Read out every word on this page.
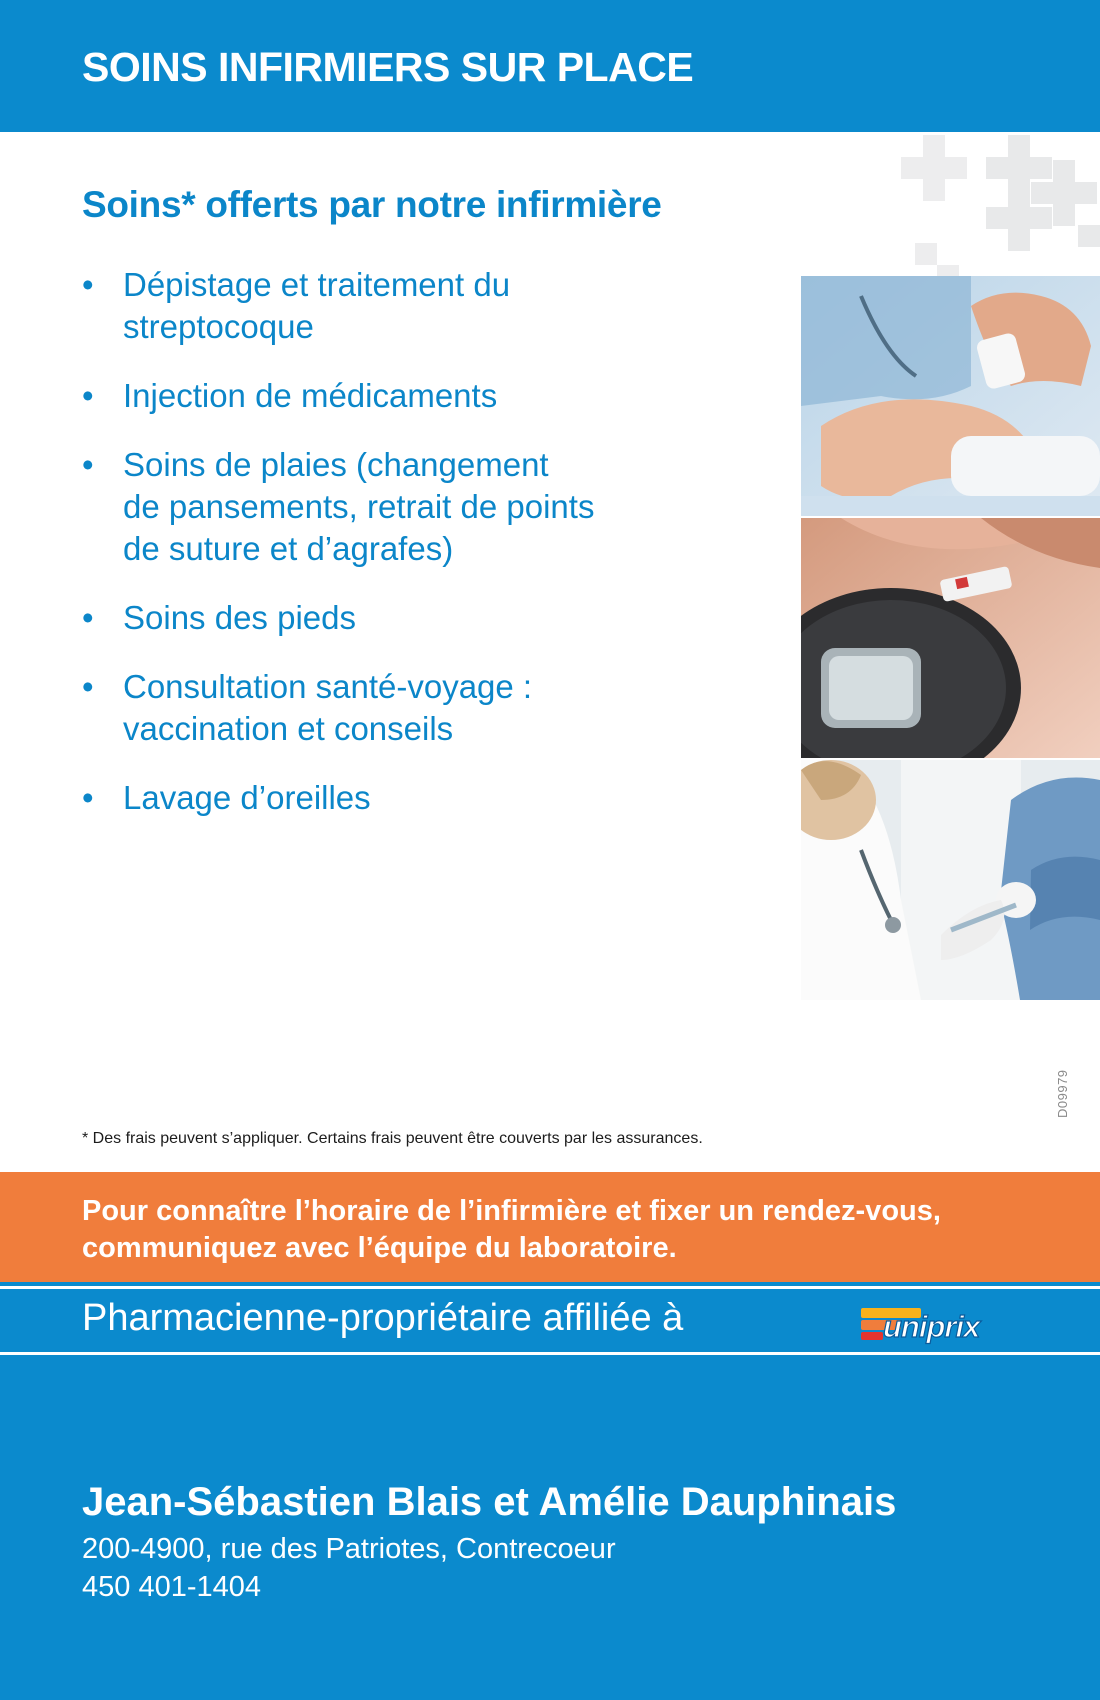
SOINS INFIRMIERS SUR PLACE
Soins* offerts par notre infirmière
• Dépistage et traitement du
streptocoque
• Injection de médicaments
• Soins de plaies (changement
de pansements, retrait de points
de suture et d’agrafes)
• Soins des pieds
• Consultation santé-voyage :
vaccination et conseils
• Lavage d’oreilles
D09979
* Des frais peuvent s’appliquer. Certains frais peuvent être couverts par les assurances.
Pour connaître l’horaire de l’infirmière et fixer un rendez-vous,
communiquez avec l’équipe du laboratoire.
Pharmacienne-propriétaire affiliée à	uniprix
Jean-Sébastien Blais et Amélie Dauphinais
200-4900, rue des Patriotes, Contrecoeur
450 401-1404
